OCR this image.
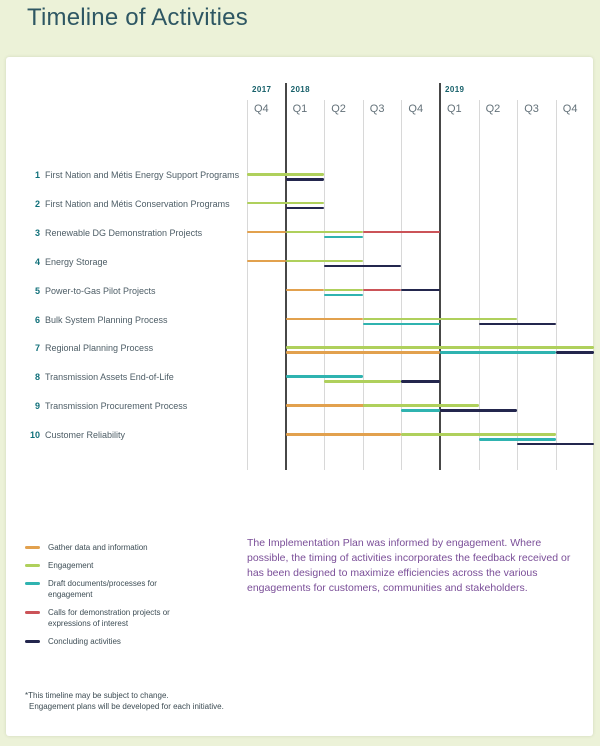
Timeline of Activities
2017 2018	2019
Q4 Q1 Q2 Q3 Q4 Q1 Q2 Q3 Q4
1 First Nation and Métis Energy Support Programs
2 First Nation and Métis Conservation Programs
3 Renewable DG Demonstration Projects
4 Energy Storage
5 Power-to-Gas Pilot Projects
6 Bulk System Planning Process
7 Regional Planning Process
8 Transmission Assets End-of-Life
9 Transmission Procurement Process
10 Customer Reliability
Gather data and information
Engagement
Draft documents/processes for engagement
Calls for demonstration projects or expressions of interest
Concluding activities

The Implementation Plan was informed by engagement. Where possible, the timing of activities incorporates the feedback received or has been designed to maximize efficiencies across the various engagements for customers, communities and stakeholders.

*This timeline may be subject to change.
Engagement plans will be developed for each initiative.
